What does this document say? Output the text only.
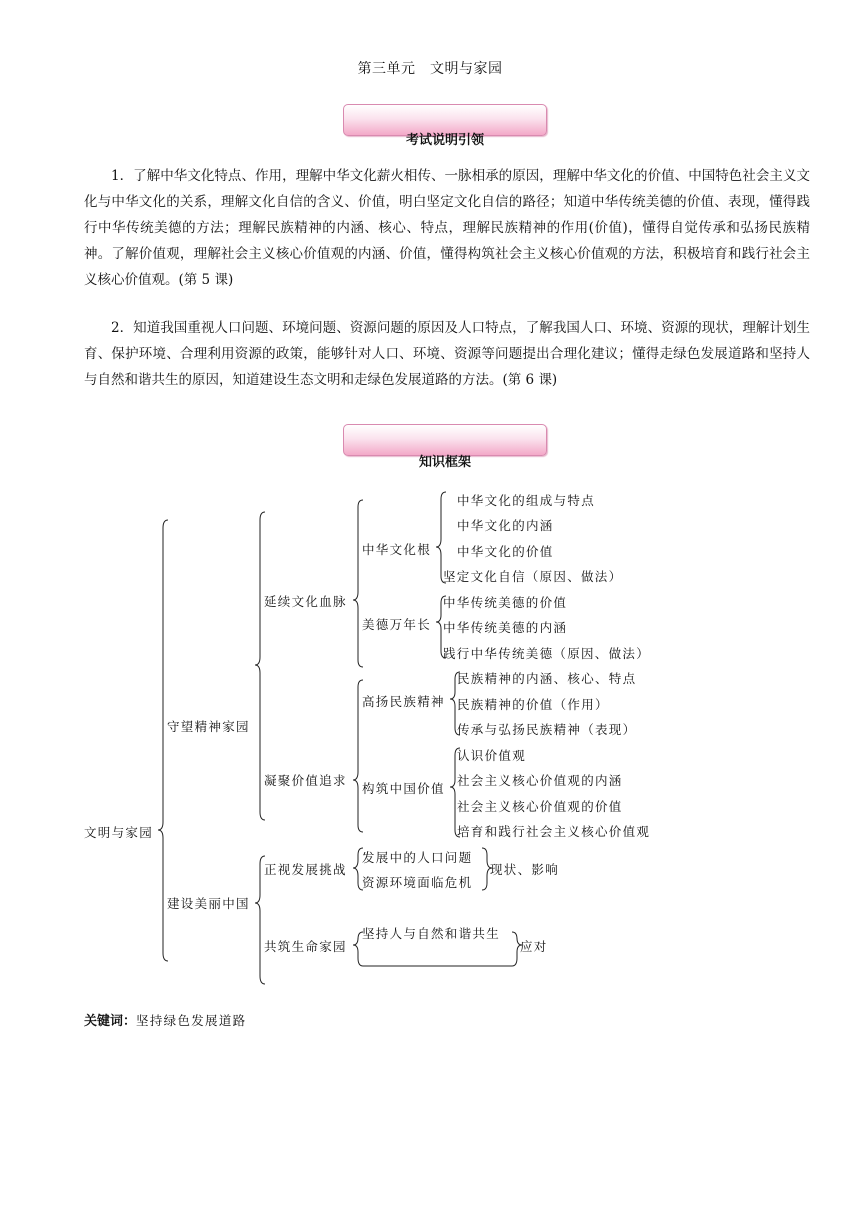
第三单元　文明与家园
考试说明引领

1．了解中华文化特点、作用，理解中华文化薪火相传、一脉相承的原因，理解中华文化的价值、中国特色社会主义文化与中华文化的关系，理解文化自信的含义、价值，明白坚定文化自信的路径；知道中华传统美德的价值、表现，懂得践行中华传统美德的方法；理解民族精神的内涵、核心、特点，理解民族精神的作用(价值)，懂得自觉传承和弘扬民族精神。了解价值观，理解社会主义核心价值观的内涵、价值，懂得构筑社会主义核心价值观的方法，积极培育和践行社会主义核心价值观。(第 5 课)

2．知道我国重视人口问题、环境问题、资源问题的原因及人口特点，了解我国人口、环境、资源的现状，理解计划生育、保护环境、合理利用资源的政策，能够针对人口、环境、资源等问题提出合理化建议；懂得走绿色发展道路和坚持人与自然和谐共生的原因，知道建设生态文明和走绿色发展道路的方法。(第 6 课)

知识框架
文明与家园
守望精神家园
建设美丽中国
延续文化血脉
凝聚价值追求
正视发展挑战
共筑生命家园
中华文化根
美德万年长
高扬民族精神
构筑中国价值
中华文化的组成与特点
中华文化的内涵
中华文化的价值
坚定文化自信（原因、做法）
中华传统美德的价值
中华传统美德的内涵
践行中华传统美德（原因、做法）
民族精神的内涵、核心、特点
民族精神的价值（作用）
传承与弘扬民族精神（表现）
认识价值观
社会主义核心价值观的内涵
社会主义核心价值观的价值
培育和践行社会主义核心价值观
发展中的人口问题
资源环境面临危机
现状、影响
坚持人与自然和谐共生
应对
关键词：坚持绿色发展道路
